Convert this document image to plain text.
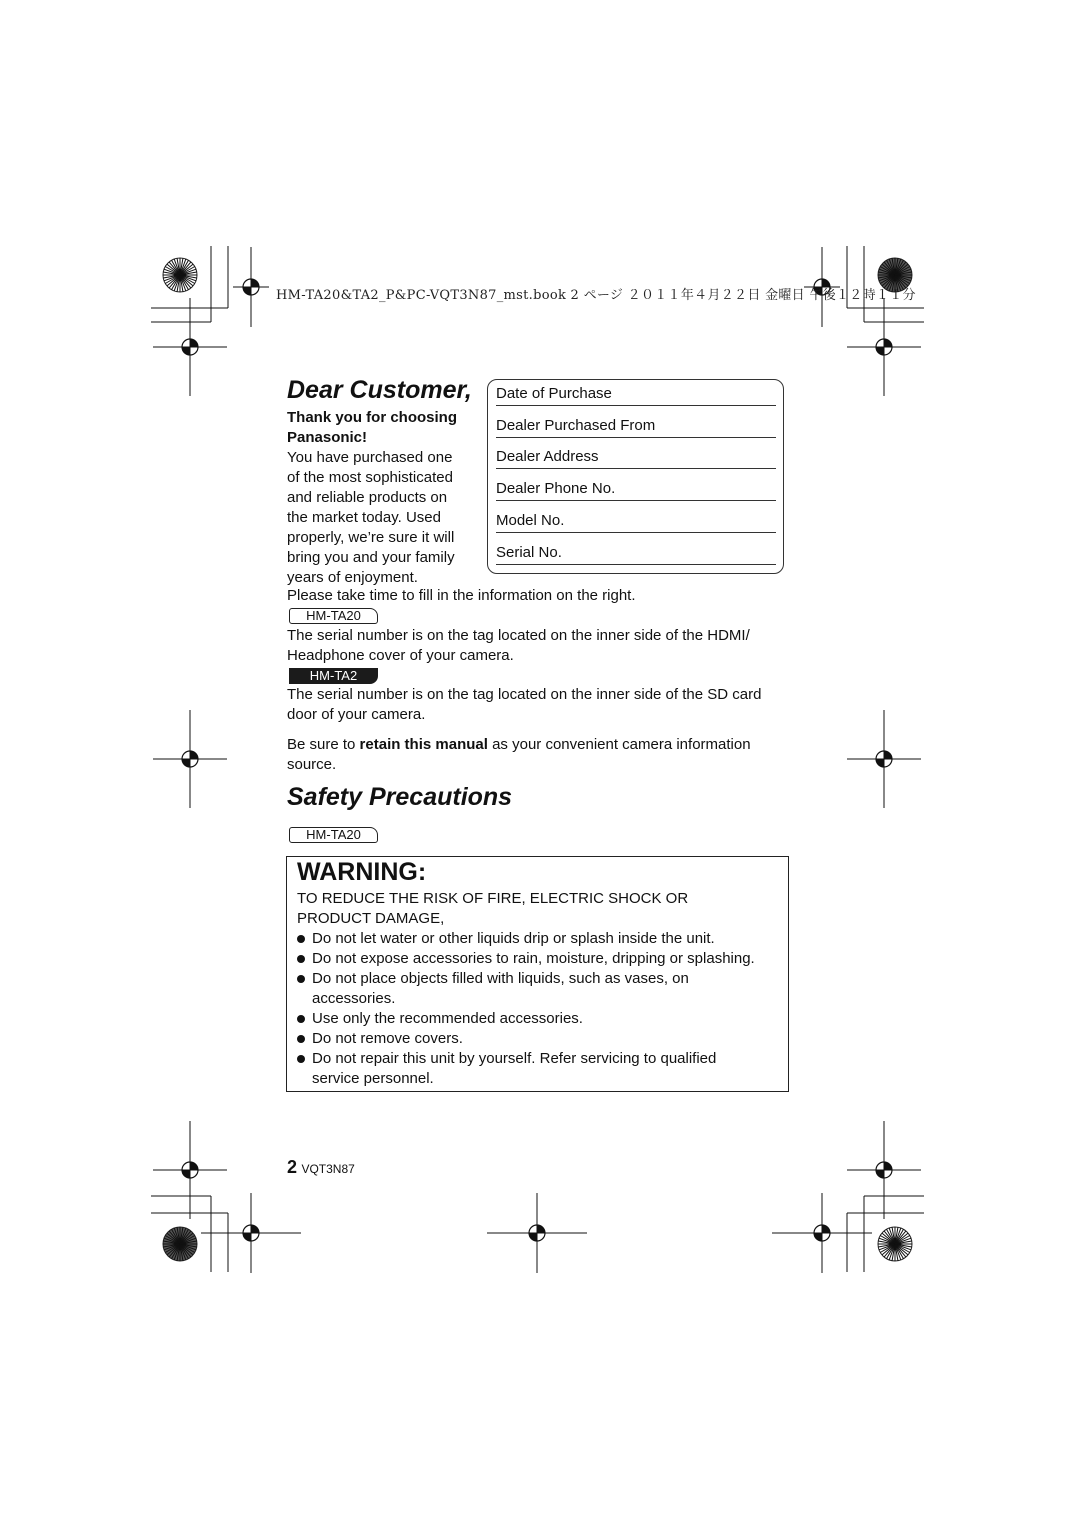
HM-TA20&TA2_P&PC-VQT3N87_mst.book 2 ページ ２０１１年４月２２日 金曜日 午後１２時１１分
Dear Customer,
Thank you for choosing
Panasonic!
You have purchased one
of the most sophisticated
and reliable products on
the market today. Used
properly, we’re sure it will
bring you and your family
years of enjoyment.
Date of Purchase
Dealer Purchased From
Dealer Address
Dealer Phone No.
Model No.
Serial No.
Please take time to fill in the information on the right.
HM-TA20
The serial number is on the tag located on the inner side of the HDMI/
Headphone cover of your camera.
HM-TA2
The serial number is on the tag located on the inner side of the SD card
door of your camera.
Be sure to retain this manual as your convenient camera information
source.
Safety Precautions
HM-TA20
WARNING:
TO REDUCE THE RISK OF FIRE, ELECTRIC SHOCK OR
PRODUCT DAMAGE,
Do not let water or other liquids drip or splash inside the unit.
Do not expose accessories to rain, moisture, dripping or splashing.
Do not place objects filled with liquids, such as vases, on
accessories.
Use only the recommended accessories.
Do not remove covers.
Do not repair this unit by yourself. Refer servicing to qualified
service personnel.
2 VQT3N87
